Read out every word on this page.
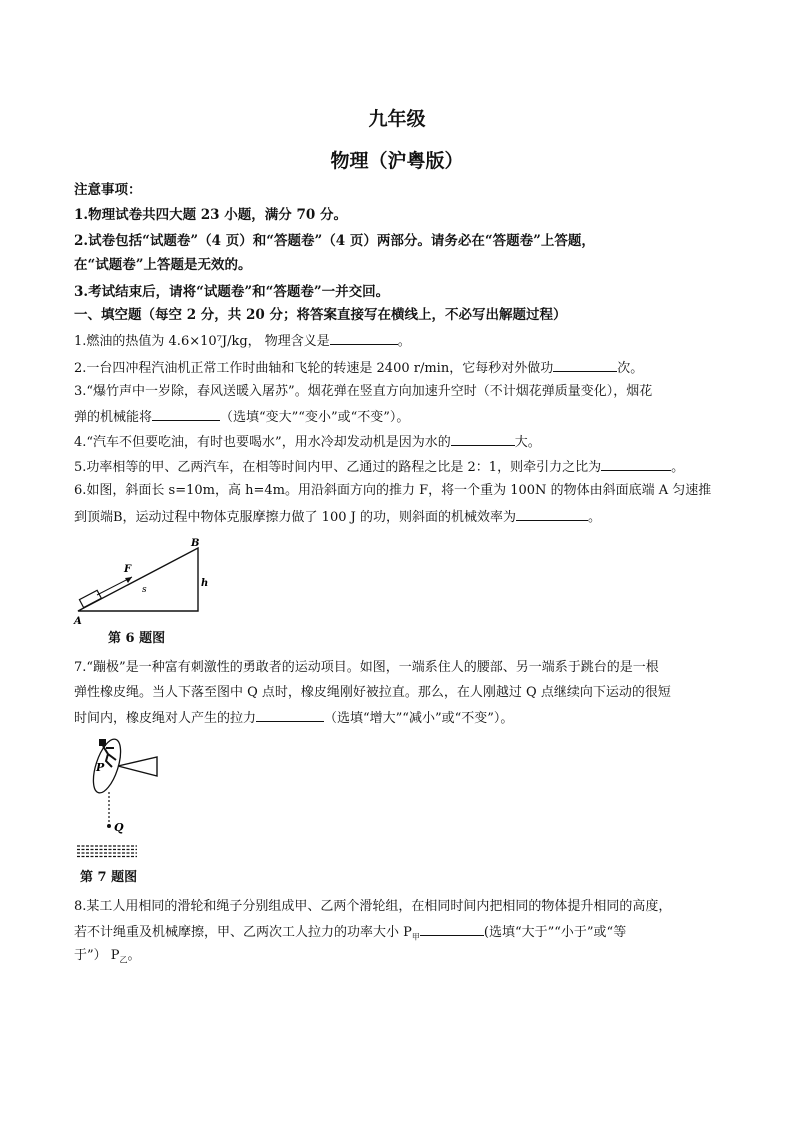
九年级
物理（沪粤版）
注意事项：
1.物理试卷共四大题 23 小题，满分 70 分。
2.试卷包括“试题卷”（4 页）和“答题卷”（4 页）两部分。请务必在“答题卷”上答题，
在“试题卷”上答题是无效的。
3.考试结束后，请将“试题卷”和“答题卷”一并交回。
一、填空题（每空 2 分，共 20 分；将答案直接写在横线上，不必写出解题过程）
1.燃油的热值为 4.6×10⁷J/kg， 物理含义是	。
2.一台四冲程汽油机正常工作时曲轴和飞轮的转速是 2400 r/min，它每秒对外做功	次。
3.“爆竹声中一岁除，春风送暖入屠苏”。烟花弹在竖直方向加速升空时（不计烟花弹质量变化），烟花
弹的机械能将	（选填“变大”“变小”或“不变”）。
4.“汽车不但要吃油，有时也要喝水”，用水冷却发动机是因为水的	大。
5.功率相等的甲、乙两汽车，在相等时间内甲、乙通过的路程之比是 2：1，则牵引力之比为	。
6.如图，斜面长 s=10m，高 h=4m。用沿斜面方向的推力 F，将一个重为 100N 的物体由斜面底端 A 匀速推
到顶端B，运动过程中物体克服摩擦力做了 100 J 的功，则斜面的机械效率为	。
F
s
h
B
A
第 6 题图
7.“蹦极”是一种富有刺激性的勇敢者的运动项目。如图，一端系住人的腰部、另一端系于跳台的是一根
弹性橡皮绳。当人下落至图中 Q 点时，橡皮绳刚好被拉直。那么，在人刚越过 Q 点继续向下运动的很短
时间内，橡皮绳对人产生的拉力	（选填“增大”“减小”或“不变”）。
P
Q
第 7 题图
8.某工人用相同的滑轮和绳子分别组成甲、乙两个滑轮组，在相同时间内把相同的物体提升相同的高度，
若不计绳重及机械摩擦，甲、乙两次工人拉力的功率大小 $P_甲$	(选填“大于”“小于”或“等
于”） $P_乙$。
